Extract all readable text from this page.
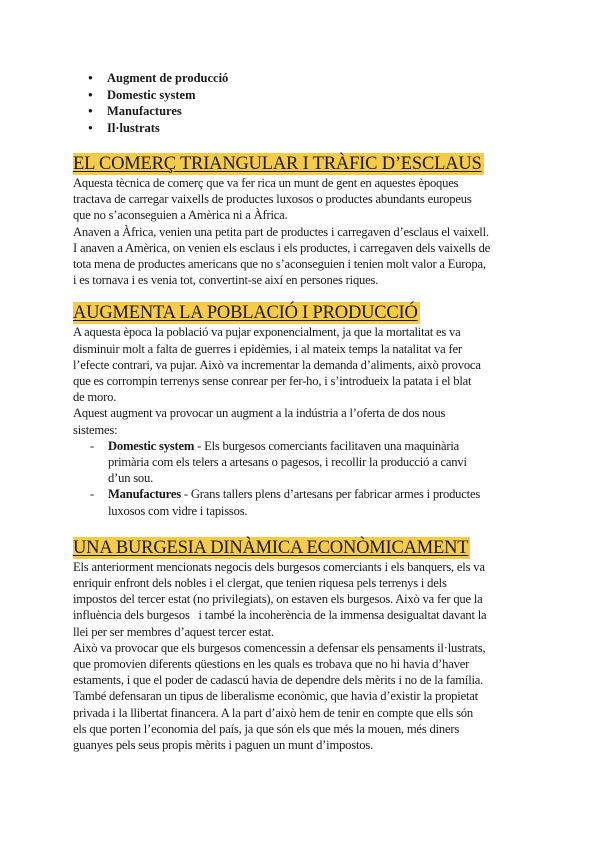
● Augment de producció
● Domestic system
● Manufactures
● Il·lustrats
EL COMERÇ TRIANGULAR I TRÀFIC D’ESCLAUS
Aquesta tècnica de comerç que va fer rica un munt de gent en aquestes èpoques
tractava de carregar vaixells de productes luxosos o productes abundants europeus
que no s’aconseguien a Amèrica ni a Àfrica.
Anaven a Àfrica, venien una petita part de productes i carregaven d’esclaus el vaixell.
I anaven a Amèrica, on venien els esclaus i els productes, i carregaven dels vaixells de
tota mena de productes americans que no s’aconseguien i tenien molt valor a Europa,
i es tornava i es venia tot, convertint-se així en persones riques.
AUGMENTA LA POBLACIÓ I PRODUCCIÓ
A aquesta època la població va pujar exponencialment, ja que la mortalitat es va
disminuir molt a falta de guerres i epidèmies, i al mateix temps la natalitat va fer
l’efecte contrari, va pujar. Això va incrementar la demanda d’aliments, això provoca
que es corrompin terrenys sense conrear per fer-ho, i s’introdueix la patata i el blat
de moro.
Aquest augment va provocar un augment a la indústria a l’oferta de dos nous
sistemes:
- Domestic system - Els burgesos comerciants facilitaven una maquinària
primària com els telers a artesans o pagesos, i recollir la producció a canvi
d’un sou.
- Manufactures - Grans tallers plens d’artesans per fabricar armes i productes
luxosos com vidre i tapissos.
UNA BURGESIA DINÀMICA ECONÒMICAMENT
Els anteriorment mencionats negocis dels burgesos comerciants i els banquers, els va
enriquir enfront dels nobles i el clergat, que tenien riquesa pels terrenys i dels
impostos del tercer estat (no privilegiats), on estaven els burgesos. Això va fer que la
influència dels burgesos   i també la incoherència de la immensa desigualtat davant la
llei per ser membres d’aquest tercer estat.
Això va provocar que els burgesos comencessin a defensar els pensaments il·lustrats,
que promovien diferents qüestions en les quals es trobava que no hi havia d’haver
estaments, i que el poder de cadascú havia de dependre dels mèrits i no de la família.
També defensaran un tipus de liberalisme econòmic, que havia d’existir la propietat
privada i la llibertat financera. A la part d’això hem de tenir en compte que ells són
els que porten l’economia del país, ja que són els que més la mouen, més diners
guanyes pels seus propis mèrits i paguen un munt d’impostos.
